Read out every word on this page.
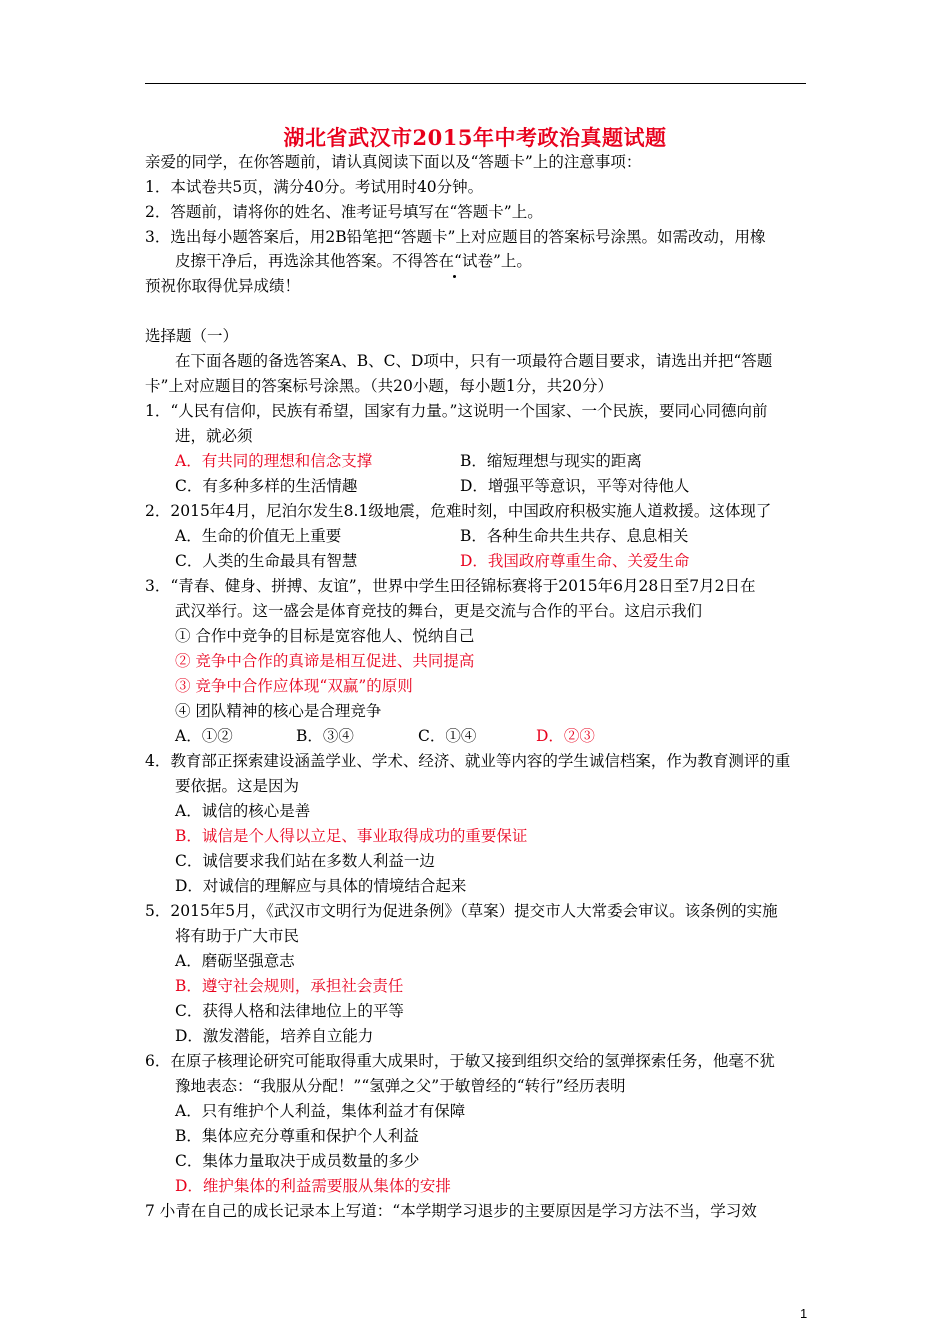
湖北省武汉市2015年中考政治真题试题
亲爱的同学，在你答题前，请认真阅读下面以及“答题卡”上的注意事项：
1．本试卷共5页，满分40分。考试用时40分钟。
2．答题前，请将你的姓名、准考证号填写在“答题卡”上。
3．选出每小题答案后，用2B铅笔把“答题卡”上对应题目的答案标号涂黑。如需改动，用橡
皮擦干净后，再选涂其他答案。不得答在“试卷”上。
预祝你取得优异成绩！
选择题（一）
在下面各题的备选答案A、B、C、D项中，只有一项最符合题目要求，请选出并把“答题
卡”上对应题目的答案标号涂黑。（共20小题，每小题1分，共20分）
1．“人民有信仰，民族有希望，国家有力量。”这说明一个国家、一个民族，要同心同德向前
进，就必须
A．有共同的理想和信念支撑	B．缩短理想与现实的距离
C．有多种多样的生活情趣	D．增强平等意识，平等对待他人
2．2015年4月，尼泊尔发生8.1级地震，危难时刻，中国政府积极实施人道救援。这体现了
A．生命的价值无上重要	B．各种生命共生共存、息息相关
C．人类的生命最具有智慧	D．我国政府尊重生命、关爱生命
3．“青春、健身、拼搏、友谊”，世界中学生田径锦标赛将于2015年6月28日至7月2日在
武汉举行。这一盛会是体育竞技的舞台，更是交流与合作的平台。这启示我们
① 合作中竞争的目标是宽容他人、悦纳自己
② 竞争中合作的真谛是相互促进、共同提高
③ 竞争中合作应体现“双赢”的原则
④ 团队精神的核心是合理竞争
A．①②	B．③④	C．①④	D．②③
4．教育部正探索建设涵盖学业、学术、经济、就业等内容的学生诚信档案，作为教育测评的重
要依据。这是因为
A．诚信的核心是善
B．诚信是个人得以立足、事业取得成功的重要保证
C．诚信要求我们站在多数人利益一边
D．对诚信的理解应与具体的情境结合起来
5．2015年5月，《武汉市文明行为促进条例》（草案）提交市人大常委会审议。该条例的实施
将有助于广大市民
A．磨砺坚强意志
B．遵守社会规则，承担社会责任
C．获得人格和法律地位上的平等
D．激发潜能，培养自立能力
6．在原子核理论研究可能取得重大成果时，于敏又接到组织交给的氢弹探索任务，他毫不犹
豫地表态：“我服从分配！”“氢弹之父”于敏曾经的“转行”经历表明
A．只有维护个人利益，集体利益才有保障
B．集体应充分尊重和保护个人利益
C．集体力量取决于成员数量的多少
D．维护集体的利益需要服从集体的安排
7 小青在自己的成长记录本上写道：“本学期学习退步的主要原因是学习方法不当，学习效
1
